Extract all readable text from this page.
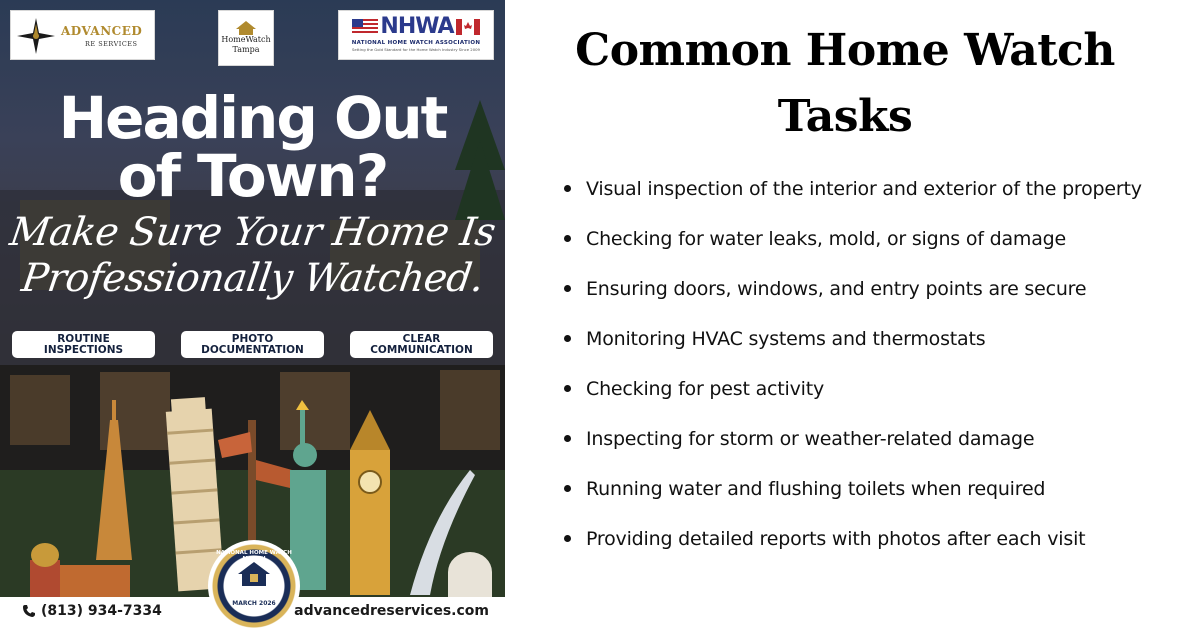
ADVANCED
RE SERVICES	HomeWatch
Tampa
NHWA
NATIONAL HOME WATCH ASSOCIATION
Setting the Gold Standard for the Home Watch Industry Since 2009
Heading Out
of Town?
Make Sure Your Home Is
Professionally Watched.
ROUTINE
INSPECTIONS
PHOTO
DOCUMENTATION
CLEAR
COMMUNICATION
(813) 934-7334	advancedreservices.com
NATIONAL HOME WATCH MONTH
MARCH 2026
Common Home Watch
Tasks
Visual inspection of the interior and exterior of the property
Checking for water leaks, mold, or signs of damage
Ensuring doors, windows, and entry points are secure
Monitoring HVAC systems and thermostats
Checking for pest activity
Inspecting for storm or weather-related damage
Running water and flushing toilets when required
Providing detailed reports with photos after each visit
